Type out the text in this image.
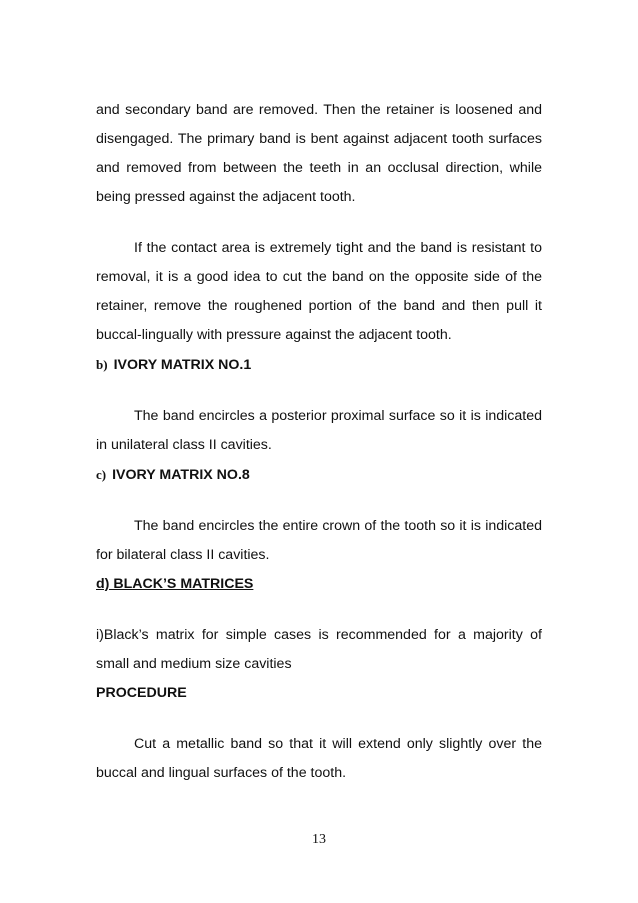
and secondary band are removed. Then the retainer is loosened and disengaged. The primary band is bent against adjacent tooth surfaces and removed from between the teeth in an occlusal direction, while being pressed against the adjacent tooth.

If the contact area is extremely tight and the band is resistant to removal, it is a good idea to cut the band on the opposite side of the retainer, remove the roughened portion of the band and then pull it buccal-lingually with pressure against the adjacent tooth.

b) IVORY MATRIX NO.1

The band encircles a posterior proximal surface so it is indicated in unilateral class II cavities.

c) IVORY MATRIX NO.8

The band encircles the entire crown of the tooth so it is indicated for bilateral class II cavities.

d) BLACK’S MATRICES

i)Black’s matrix for simple cases is recommended for a majority of small and medium size cavities

PROCEDURE

Cut a metallic band so that it will extend only slightly over the buccal and lingual surfaces of the tooth.

13
